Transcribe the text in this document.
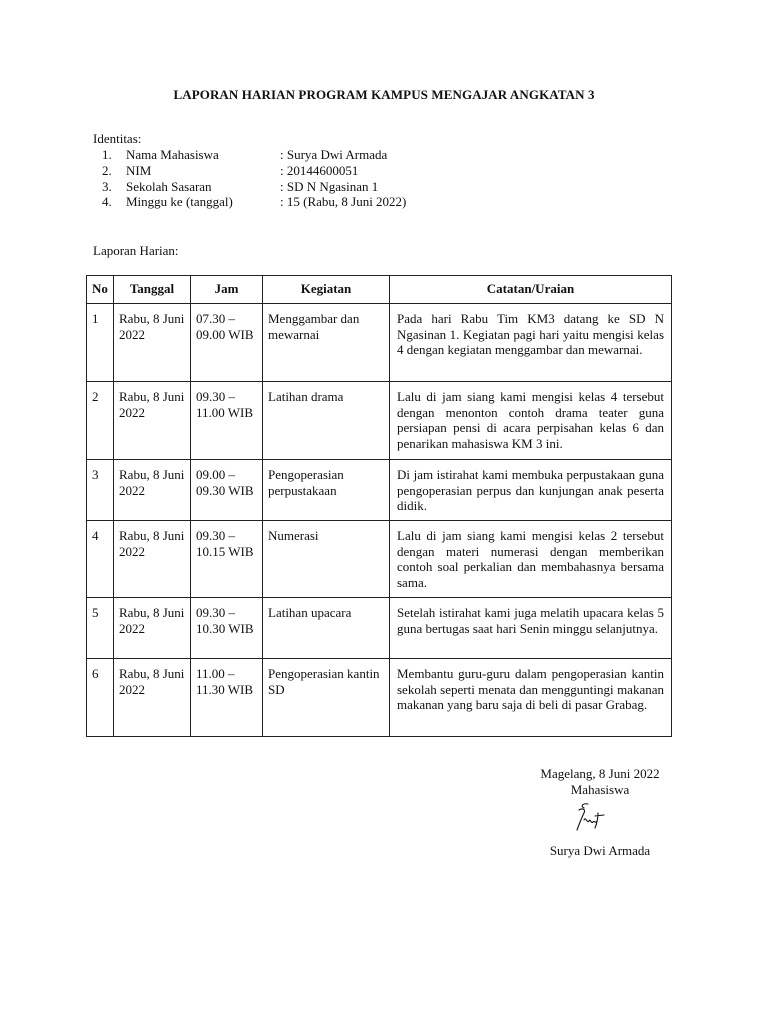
LAPORAN HARIAN PROGRAM KAMPUS MENGAJAR ANGKATAN 3
Identitas:
1. Nama Mahasiswa	: Surya Dwi Armada
2. NIM	: 20144600051
3. Sekolah Sasaran	: SD N Ngasinan 1
4. Minggu ke (tanggal)	: 15 (Rabu, 8 Juni 2022)
Laporan Harian:
No	Tanggal	Jam	Kegiatan	Catatan/Uraian
1	Rabu, 8 Juni 2022	07.30 – 09.00 WIB	Menggambar dan mewarnai	Pada hari Rabu Tim KM3 datang ke SD N Ngasinan 1. Kegiatan pagi hari yaitu mengisi kelas 4 dengan kegiatan menggambar dan mewarnai.
2	Rabu, 8 Juni 2022	09.30 – 11.00 WIB	Latihan drama	Lalu di jam siang kami mengisi kelas 4 tersebut dengan menonton contoh drama teater guna persiapan pensi di acara perpisahan kelas 6 dan penarikan mahasiswa KM 3 ini.
3	Rabu, 8 Juni 2022	09.00 – 09.30 WIB	Pengoperasian perpustakaan	Di jam istirahat kami membuka perpustakaan guna pengoperasian perpus dan kunjungan anak peserta didik.
4	Rabu, 8 Juni 2022	09.30 – 10.15 WIB	Numerasi	Lalu di jam siang kami mengisi kelas 2 tersebut dengan materi numerasi dengan memberikan contoh soal perkalian dan membahasnya bersama sama.
5	Rabu, 8 Juni 2022	09.30 – 10.30 WIB	Latihan upacara	Setelah istirahat kami juga melatih upacara kelas 5 guna bertugas saat hari Senin minggu selanjutnya.
6	Rabu, 8 Juni 2022	11.00 – 11.30 WIB	Pengoperasian kantin SD	Membantu guru-guru dalam pengoperasian kantin sekolah seperti menata dan mengguntingi makanan makanan yang baru saja di beli di pasar Grabag.
Magelang, 8 Juni 2022
Mahasiswa
Surya Dwi Armada
